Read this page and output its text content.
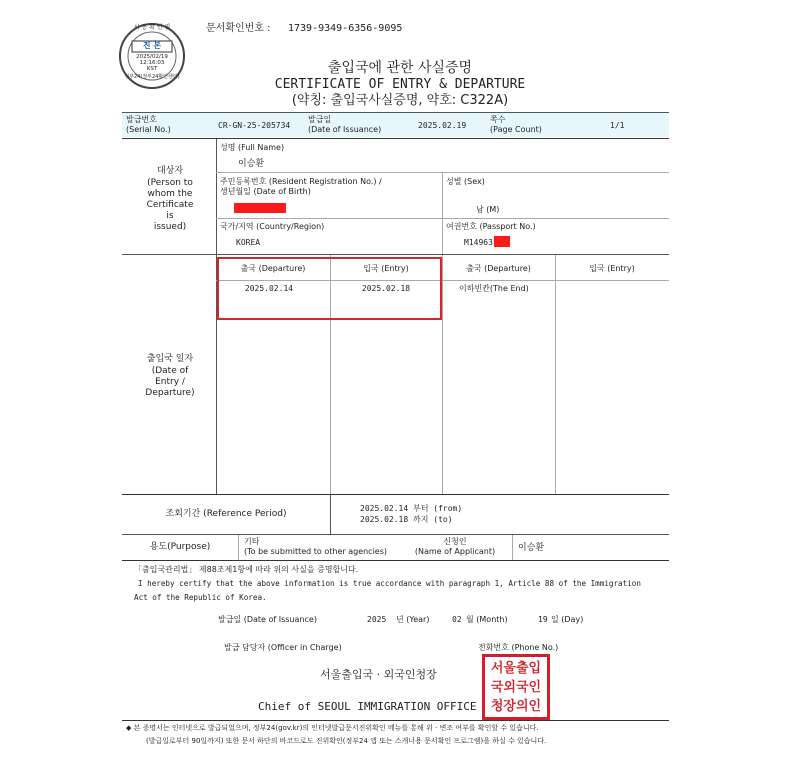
시 공 확 인 필
진 본
2025/02/19
12:16:03
KST
정부24(정부24확인센터)
문서확인번호 : 1739-9349-6356-9095
출입국에 관한 사실증명
CERTIFICATE OF ENTRY & DEPARTURE
(약칭: 출입국사실증명, 약호: C322A)
발급번호
(Serial No.)	CR-GN-25-205734
발급일
(Date of Issuance)	2025.02.19
쪽수
(Page Count)	1/1
대상자
(Person to
whom the
Certificate
is
issued)
성명 (Full Name)
이승환
주민등록번호 (Resident Registration No.) /
생년월일 (Date of Birth)
성별 (Sex)
남 (M)
국가/지역 (Country/Region)
KOREA
여권번호 (Passport No.)
M14963
출입국 일자
(Date of
Entry /
Departure)
출국 (Departure)	입국 (Entry)	출국 (Departure)	입국 (Entry)
2025.02.14	2025.02.18	이하빈칸(The End)
조회기간 (Reference Period)
2025.02.14 부터 (from)
2025.02.18 까지 (to)
용도(Purpose)
기타
(To be submitted to other agencies)
신청인
(Name of Applicant)	이승환
「출입국관리법」 제88조제1항에 따라 위의 사실을 증명합니다.
I hereby certify that the above information is true accordance with paragraph 1, Article 88 of the Immigration
Act of the Republic of Korea.
발급일 (Date of Issuance)	2025 년 (Year)	02 월 (Month)	19 일 (Day)
발급 담당자 (Officer in Charge)	전화번호 (Phone No.)
서울출입국 · 외국인청장
Chief of SEOUL IMMIGRATION OFFICE
서울출입
국외국인
청장의인
◆ 본 증명서는 인터넷으로 발급되었으며, 정부24(gov.kr)의 인터넷발급문서진위확인 메뉴를 통해 위 · 변조 여부를 확인할 수 있습니다.
(발급일로부터 90일까지) 또한 문서 하단의 바코드로도 진위확인(정부24 앱 또는 스캐너용 문서확인 프로그램)을 하실 수 있습니다.
